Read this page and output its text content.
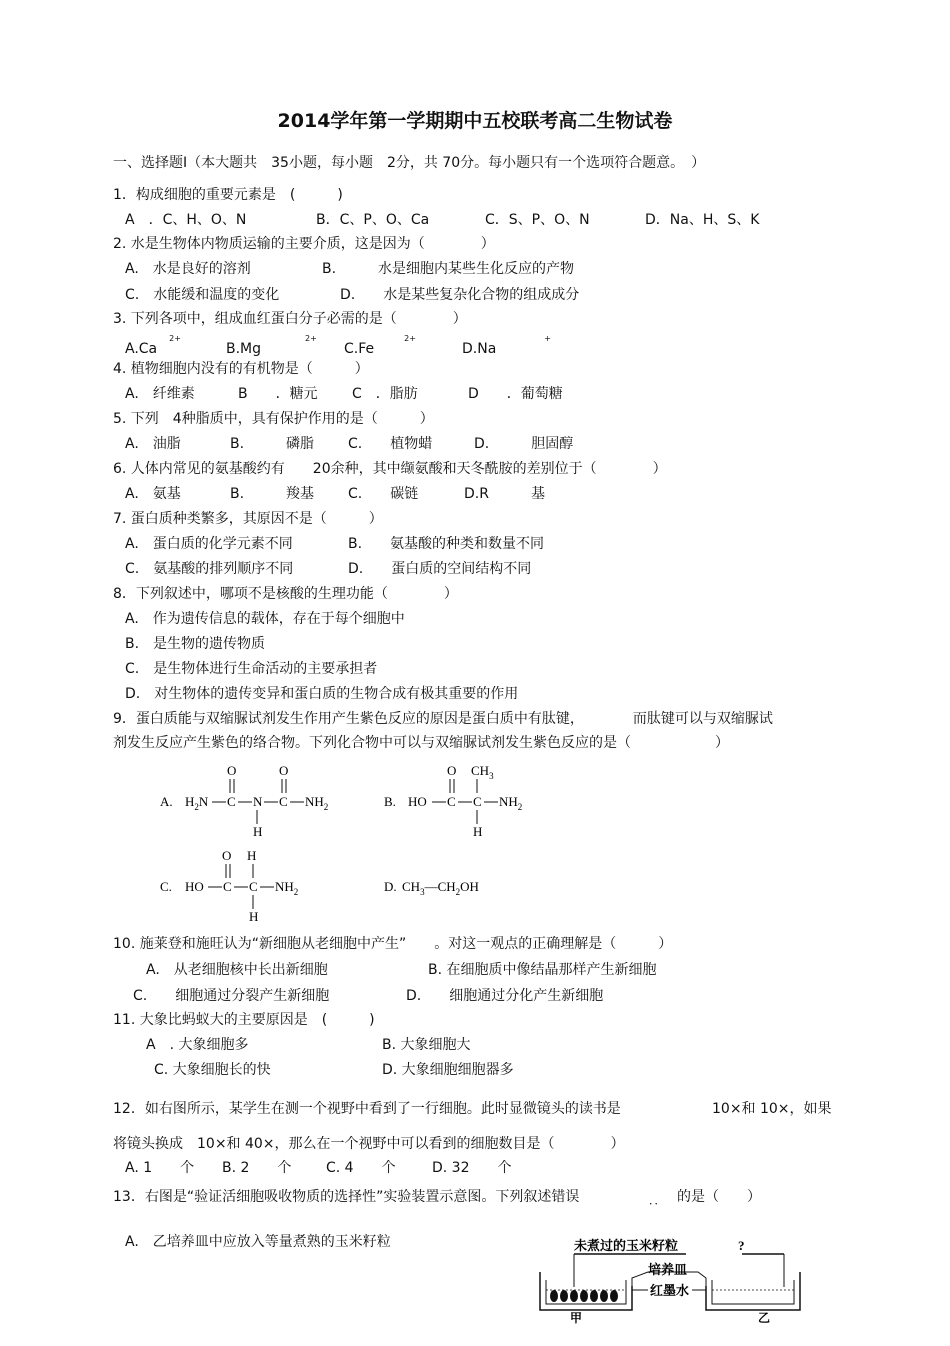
2014学年第一学期期中五校联考高二生物试卷
一、选择题Ⅰ（本大题共　35小题，每小题　2分，共 70分。每小题只有一个选项符合题意。　）
1．构成细胞的重要元素是　(　　　)
A　．C、H、O、N	B．C、P、O、Ca	C．S、P、O、N	D．Na、H、S、K
2. 水是生物体内物质运输的主要介质，这是因为（　　　　）
A.　水是良好的溶剂	B.　　　水是细胞内某些生化反应的产物
C.　水能缓和温度的变化	D.　　水是某些复杂化合物的组成成分
3. 下列各项中，组成血红蛋白分子必需的是（　　　　）
$A.Ca^{2+}$
$B.Mg^{2+}$
$C.Fe^{2+}$
D.Na+
4. 植物细胞内没有的有机物是（　　　）
A.　纤维素	B　　．糖元 C　．脂肪	D　　．葡萄糖
5. 下列　4种脂质中，具有保护作用的是（　　　）
A.　油脂	B.　　　磷脂 C.　　植物蜡	D.　　　胆固醇
6. 人体内常见的氨基酸约有　　20余种，其中缬氨酸和天冬酰胺的差别位于（　　　　）
A.　氨基	B.　　　羧基 C.　　碳链	D.R　　　基
7. 蛋白质种类繁多，其原因不是（　　　）
A.　蛋白质的化学元素不同	B.　　氨基酸的种类和数量不同
C.　氨基酸的排列顺序不同	D.　　蛋白质的空间结构不同
8．下列叙述中，哪项不是核酸的生理功能（　　　　）
A.　作为遗传信息的载体，存在于每个细胞中
B.　是生物的遗传物质
C.　是生物体进行生命活动的主要承担者
D.　对生物体的遗传变异和蛋白质的生物合成有极其重要的作用
9．蛋白质能与双缩脲试剂发生作用产生紫色反应的原因是蛋白质中有肽键，　　　　而肽键可以与双缩脲试
剂发生反应产生紫色的络合物。下列化合物中可以与双缩脲试剂发生紫色反应的是（　　　　　　）
A. $H_2N$ C
O
N
H
C
O
$NH_2$	B. HO C
O
C
$CH_3$
H
$NH_2$
C. HO C
O
C
H
H
$NH_2$	D. $CH_3—CH_2OH$
10. 施莱登和施旺认为“新细胞从老细胞中产生”　　。对这一观点的正确理解是（　　　）
A.　从老细胞核中长出新细胞	B. 在细胞质中像结晶那样产生新细胞
C.　　细胞通过分裂产生新细胞	D.　　细胞通过分化产生新细胞
11. 大象比蚂蚁大的主要原因是　(　　　)
A　. 大象细胞多	B. 大象细胞大
C. 大象细胞长的快	D. 大象细胞细胞器多
12．如右图所示，某学生在测一个视野中看到了一行细胞。此时显微镜头的读书是	10×和 10×，如果
将镜头换成　10×和 40×，那么在一个视野中可以看到的细胞数目是（　　　　）
A. 1　　个 B. 2　　个 C. 4　　个	D. 32　　个
13．右图是“验证活细胞吸收物质的选择性”实验装置示意图。下列叙述错误	．． 的是（　　）
A.　乙培养皿中应放入等量煮熟的玉米籽粒	未煮过的玉米籽粒	?
培养皿
红墨水
甲	乙
